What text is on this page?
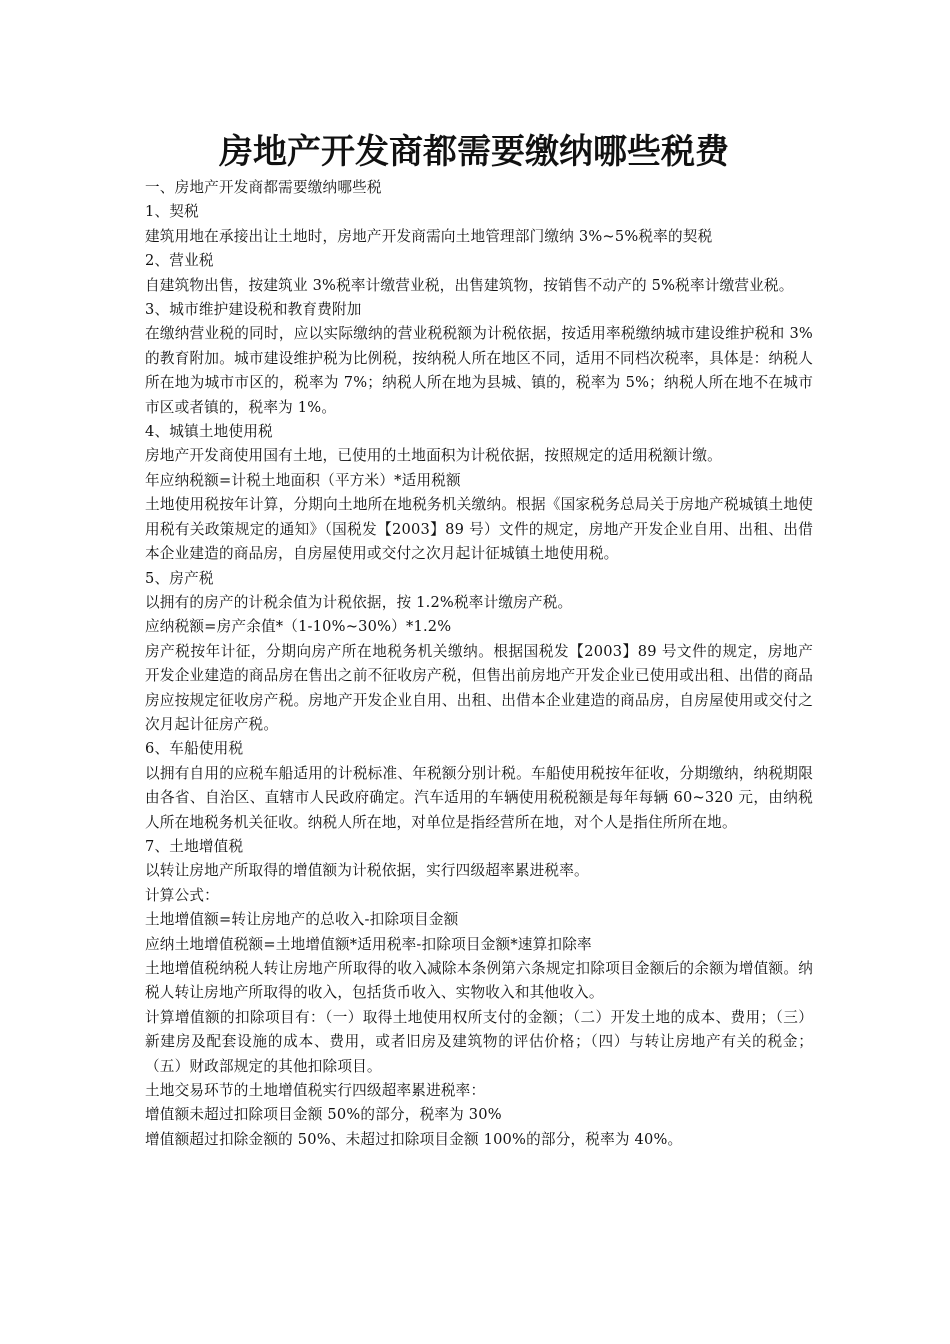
房地产开发商都需要缴纳哪些税费

一、房地产开发商都需要缴纳哪些税

1、契税

建筑用地在承接出让土地时，房地产开发商需向土地管理部门缴纳 3%~5%税率的契税

2、营业税

自建筑物出售，按建筑业 3%税率计缴营业税，出售建筑物，按销售不动产的 5%税率计缴营业税。

3、城市维护建设税和教育费附加

在缴纳营业税的同时，应以实际缴纳的营业税税额为计税依据，按适用率税缴纳城市建设维护税和 3%的教育附加。城市建设维护税为比例税，按纳税人所在地区不同，适用不同档次税率，具体是：纳税人所在地为城市市区的，税率为 7%；纳税人所在地为县城、镇的，税率为 5%；纳税人所在地不在城市市区或者镇的，税率为 1%。

4、城镇土地使用税

房地产开发商使用国有土地，已使用的土地面积为计税依据，按照规定的适用税额计缴。

年应纳税额=计税土地面积（平方米）*适用税额

土地使用税按年计算，分期向土地所在地税务机关缴纳。根据《国家税务总局关于房地产税城镇土地使用税有关政策规定的通知》（国税发【2003】89 号）文件的规定，房地产开发企业自用、出租、出借本企业建造的商品房，自房屋使用或交付之次月起计征城镇土地使用税。

5、房产税

以拥有的房产的计税余值为计税依据，按 1.2%税率计缴房产税。

应纳税额=房产余值*（1-10%~30%）*1.2%

房产税按年计征，分期向房产所在地税务机关缴纳。根据国税发【2003】89 号文件的规定，房地产开发企业建造的商品房在售出之前不征收房产税，但售出前房地产开发企业已使用或出租、出借的商品房应按规定征收房产税。房地产开发企业自用、出租、出借本企业建造的商品房，自房屋使用或交付之次月起计征房产税。

6、车船使用税

以拥有自用的应税车船适用的计税标准、年税额分别计税。车船使用税按年征收，分期缴纳，纳税期限由各省、自治区、直辖市人民政府确定。汽车适用的车辆使用税税额是每年每辆 60~320 元，由纳税人所在地税务机关征收。纳税人所在地，对单位是指经营所在地，对个人是指住所所在地。

7、土地增值税

以转让房地产所取得的增值额为计税依据，实行四级超率累进税率。

计算公式：

土地增值额=转让房地产的总收入-扣除项目金额

应纳土地增值税额=土地增值额*适用税率-扣除项目金额*速算扣除率

土地增值税纳税人转让房地产所取得的收入减除本条例第六条规定扣除项目金额后的余额为增值额。纳税人转让房地产所取得的收入，包括货币收入、实物收入和其他收入。

计算增值额的扣除项目有：（一）取得土地使用权所支付的金额；（二）开发土地的成本、费用；（三）新建房及配套设施的成本、费用，或者旧房及建筑物的评估价格；（四）与转让房地产有关的税金；（五）财政部规定的其他扣除项目。

土地交易环节的土地增值税实行四级超率累进税率：

增值额未超过扣除项目金额 50%的部分，税率为 30%

增值额超过扣除金额的 50%、未超过扣除项目金额 100%的部分，税率为 40%。
